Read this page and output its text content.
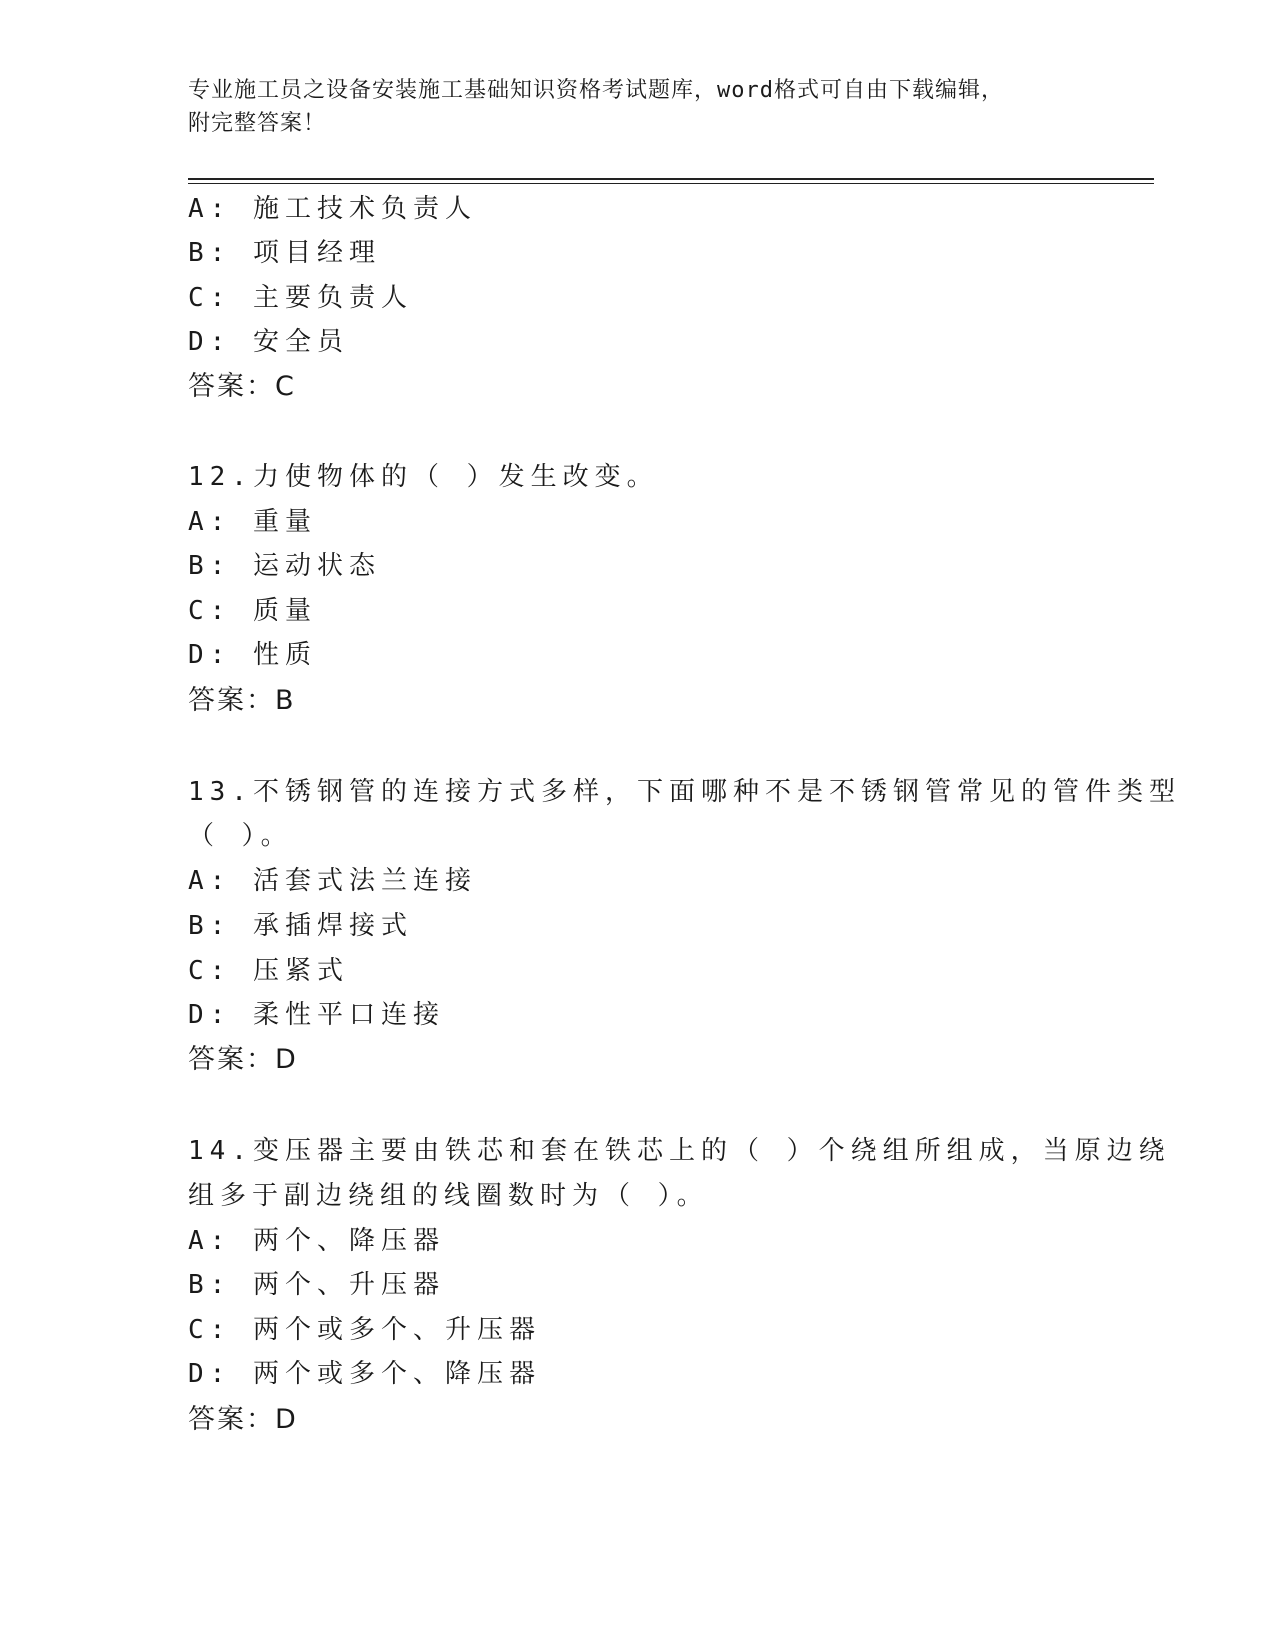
专业施工员之设备安装施工基础知识资格考试题库，word格式可自由下载编辑，
附完整答案！
A: 施工技术负责人
B: 项目经理
C: 主要负责人
D: 安全员
答案：C
12.力使物体的（ ）发生改变。
A: 重量
B: 运动状态
C: 质量
D: 性质
答案：B
13.不锈钢管的连接方式多样，下面哪种不是不锈钢管常见的管件类型
（ ）。
A: 活套式法兰连接
B: 承插焊接式
C: 压紧式
D: 柔性平口连接
答案：D
14.变压器主要由铁芯和套在铁芯上的（ ）个绕组所组成，当原边绕
组多于副边绕组的线圈数时为（ ）。
A: 两个、降压器
B: 两个、升压器
C: 两个或多个、升压器
D: 两个或多个、降压器
答案：D
